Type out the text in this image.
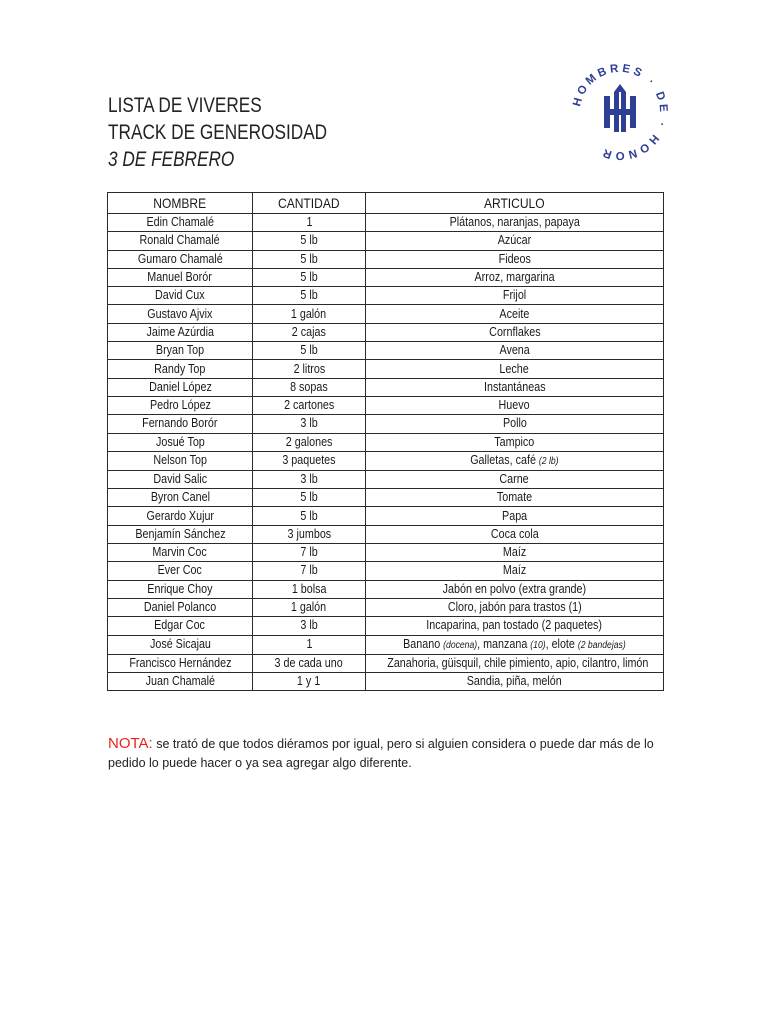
LISTA DE VIVERES
TRACK DE GENEROSIDAD
3 DE FEBRERO
HOMBRES · DE · HONOR
NOMBRE	CANTIDAD	ARTICULO
Edin Chamalé	1	Plátanos, naranjas, papaya
Ronald Chamalé	5 lb	Azúcar
Gumaro Chamalé	5 lb	Fideos
Manuel Borór	5 lb	Arroz, margarina
David Cux	5 lb	Frijol
Gustavo Ajvix	1 galón	Aceite
Jaime Azúrdia	2 cajas	Cornflakes
Bryan Top	5 lb	Avena
Randy Top	2 litros	Leche
Daniel López	8 sopas	Instantáneas
Pedro López	2 cartones	Huevo
Fernando Borór	3 lb	Pollo
Josué Top	2 galones	Tampico
Nelson Top	3 paquetes	Galletas, café (2 lb)
David Salic	3 lb	Carne
Byron Canel	5 lb	Tomate
Gerardo Xujur	5 lb	Papa
Benjamín Sánchez	3 jumbos	Coca cola
Marvin Coc	7 lb	Maíz
Ever Coc	7 lb	Maíz
Enrique Choy	1 bolsa	Jabón en polvo (extra grande)
Daniel Polanco	1 galón	Cloro, jabón para trastos (1)
Edgar Coc	3 lb	Incaparina, pan tostado (2 paquetes)
José Sicajau	1	Banano (docena), manzana (10), elote (2 bandejas)
Francisco Hernández	3 de cada uno	Zanahoria, güisquil, chile pimiento, apio, cilantro, limón
Juan Chamalé	1 y 1	Sandia, piña, melón
NOTA: se trató de que todos diéramos por igual, pero si alguien considera o puede dar más de lo pedido lo puede hacer o ya sea agregar algo diferente.
